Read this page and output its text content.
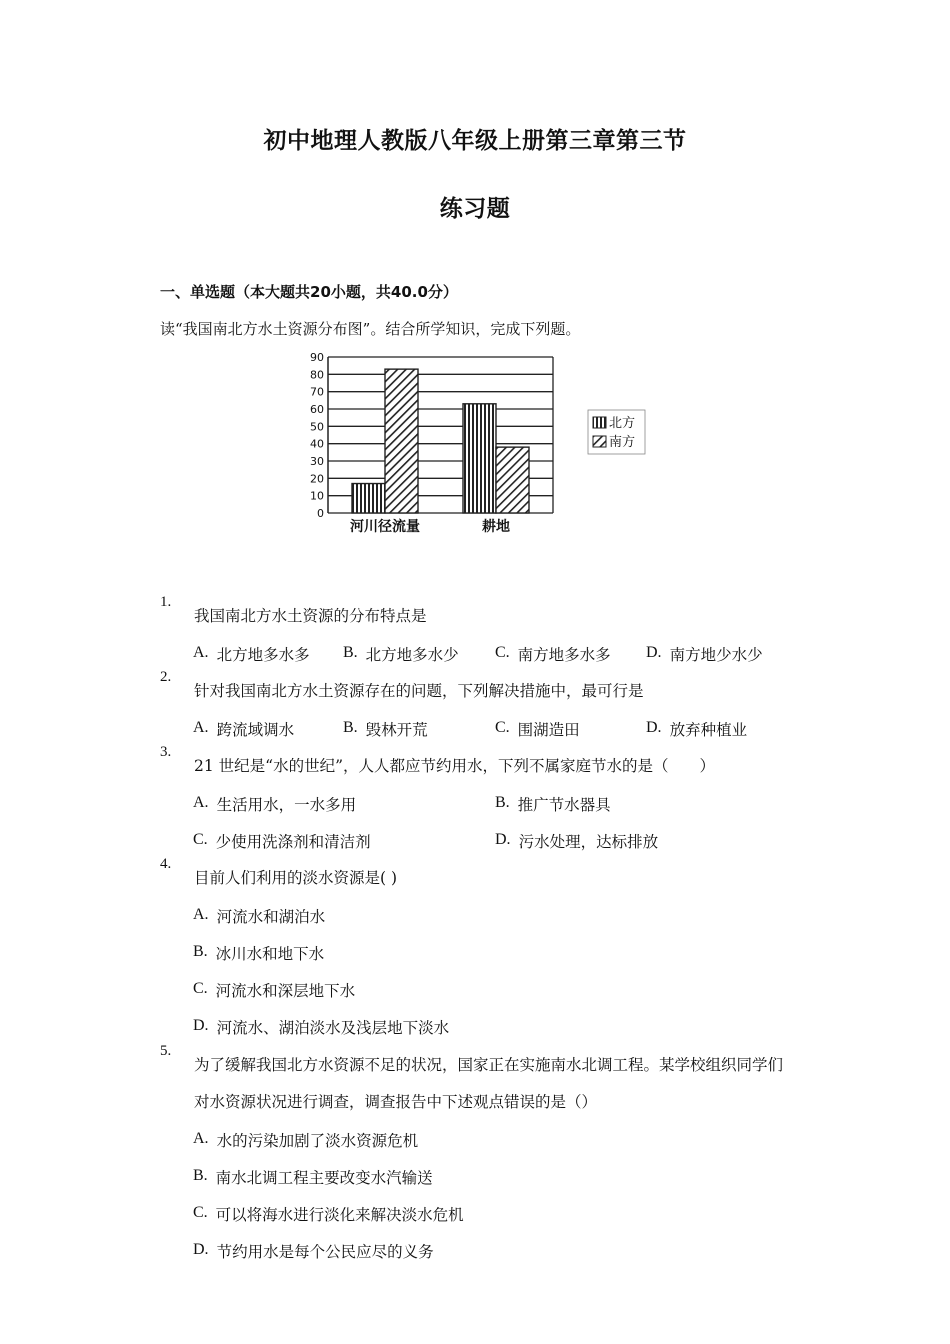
初中地理人教版八年级上册第三章第三节
练习题
一、单选题（本大题共20小题，共40.0分）
读“我国南北方水土资源分布图”。结合所学知识，完成下列题。
90
80
70
60
50
40
30
20
10
0
河川径流量	耕地
北方
南方
1.
我国南北方水土资源的分布特点是
A. 北方地多水多 B. 北方地多水少 C. 南方地多水多 D. 南方地少水少
2.
针对我国南北方水土资源存在的问题，下列解决措施中，最可行是
A. 跨流域调水	B. 毁林开荒	C. 围湖造田	D. 放弃种植业
3.
21 世纪是“水的世纪”，人人都应节约用水，下列不属家庭节水的是（　　）
A. 生活用水，一水多用	B. 推广节水器具
C. 少使用洗涤剂和清洁剂	D. 污水处理，达标排放
4.
目前人们利用的淡水资源是( )
A. 河流水和湖泊水
B. 冰川水和地下水
C. 河流水和深层地下水
D. 河流水、湖泊淡水及浅层地下淡水
5.
为了缓解我国北方水资源不足的状况，国家正在实施南水北调工程。某学校组织同学们对水资源状况进行调查，调查报告中下述观点错误的是（）
A. 水的污染加剧了淡水资源危机
B. 南水北调工程主要改变水汽输送
C. 可以将海水进行淡化来解决淡水危机
D. 节约用水是每个公民应尽的义务
